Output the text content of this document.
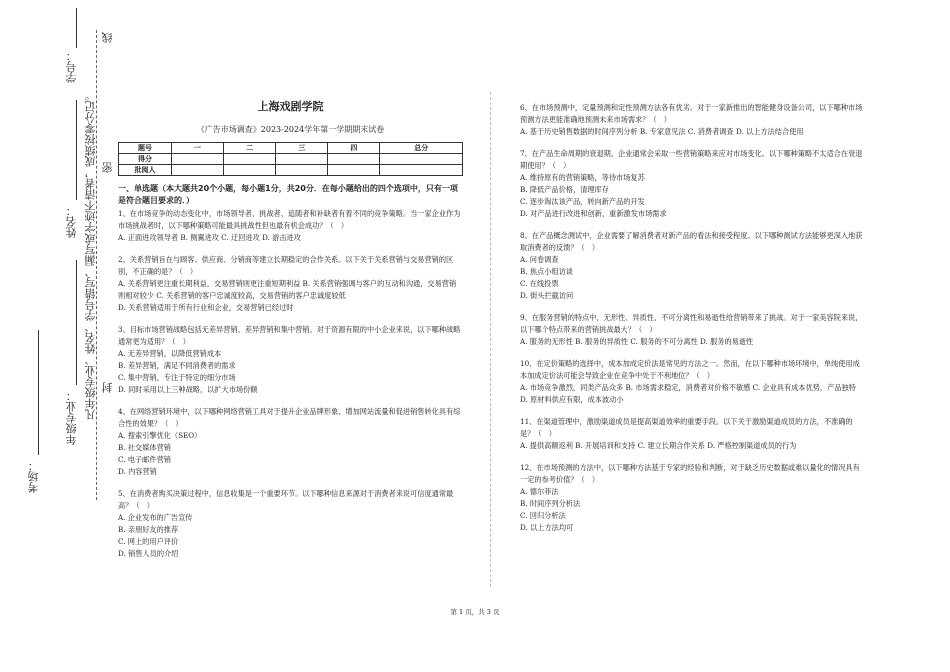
密
封
线
凡年级专业、姓名、学号错写、漏写或字迹不清者，成绩按零分记。
学号：
姓名：
年级专业：
考场：
上海戏剧学院
《广告市场调查》2023-2024学年第一学期期末试卷
题号	一	二	三	四	总分
得分					
批阅人					
一、单选题（本大题共20个小题，每小题1分，共20分．在每小题给出的四个选项中，只有一项是符合题目要求的．）

1、在市场竞争的动态变化中，市场领导者、挑战者、追随者和补缺者有着不同的竞争策略。当一家企业作为市场挑战者时，以下哪种策略可能最具挑战性但也最有机会成功？（　）

A. 正面进攻领导者 B. 侧翼进攻 C. 迂回进攻 D. 游击进攻

2、关系营销旨在与顾客、供应商、分销商等建立长期稳定的合作关系。以下关于关系营销与交易营销的区别，不正确的是？（　）

A. 关系营销更注重长期利益，交易营销则更注重短期利益 B. 关系营销强调与客户的互动和沟通，交易营销则相对较少 C. 关系营销的客户忠诚度较高，交易营销的客户忠诚度较低

D. 关系营销适用于所有行业和企业，交易营销已经过时

3、目标市场营销战略包括无差异营销、差异营销和集中营销。对于资源有限的中小企业来说，以下哪种战略通常更为适用？（　）

A. 无差异营销，以降低营销成本

B. 差异营销，满足不同消费者的需求

C. 集中营销，专注于特定的细分市场

D. 同时采用以上三种战略，以扩大市场份额

4、在网络营销环境中，以下哪种网络营销工具对于提升企业品牌形象、增加网站流量和促进销售转化具有综合性的效果？（　）

A. 搜索引擎优化（SEO）

B. 社交媒体营销

C. 电子邮件营销

D. 内容营销

5、在消费者购买决策过程中，信息收集是一个重要环节。以下哪种信息来源对于消费者来说可信度通常最高？（　）

A. 企业发布的广告宣传

B. 亲朋好友的推荐

C. 网上的用户评价

D. 销售人员的介绍

6、在市场预测中，定量预测和定性预测方法各有优劣。对于一家新推出的智能健身设备公司，以下哪种市场预测方法更能准确地预测未来市场需求？（　）

A. 基于历史销售数据的时间序列分析 B. 专家意见法 C. 消费者调查 D. 以上方法结合使用

7、在产品生命周期的衰退期，企业通常会采取一些营销策略来应对市场变化。以下哪种策略不太适合在衰退期使用？（　）

A. 维持原有的营销策略，等待市场复苏

B. 降低产品价格，清理库存

C. 逐步淘汰该产品，转向新产品的开发

D. 对产品进行改进和创新，重新激发市场需求

8、在产品概念测试中，企业需要了解消费者对新产品的看法和接受程度。以下哪种测试方法能够更深入地获取消费者的反馈？（　）

A. 问卷调查

B. 焦点小组访谈

C. 在线投票

D. 街头拦截访问

9、在服务营销的特点中，无形性、异质性、不可分离性和易逝性给营销带来了挑战。对于一家美容院来说，以下哪个特点带来的营销挑战最大？（　）

A. 服务的无形性 B. 服务的异质性 C. 服务的不可分离性 D. 服务的易逝性

10、在定价策略的选择中，成本加成定价法是常见的方法之一。然而，在以下哪种市场环境中，单纯使用成本加成定价法可能会导致企业在竞争中处于不利地位？（　）

A. 市场竞争激烈，同类产品众多 B. 市场需求稳定，消费者对价格不敏感 C. 企业具有成本优势，产品独特 D. 原材料供应有限，成本波动小

11、在渠道管理中，激励渠道成员是提高渠道效率的重要手段。以下关于激励渠道成员的方法，不准确的是？（　）

A. 提供高额返利 B. 开展培训和支持 C. 建立长期合作关系 D. 严格控制渠道成员的行为

12、在市场预测的方法中，以下哪种方法基于专家的经验和判断，对于缺乏历史数据或难以量化的情况具有一定的参考价值？（　）

A. 德尔菲法

B. 时间序列分析法

C. 回归分析法

D. 以上方法均可

第 1 页，共 3 页
